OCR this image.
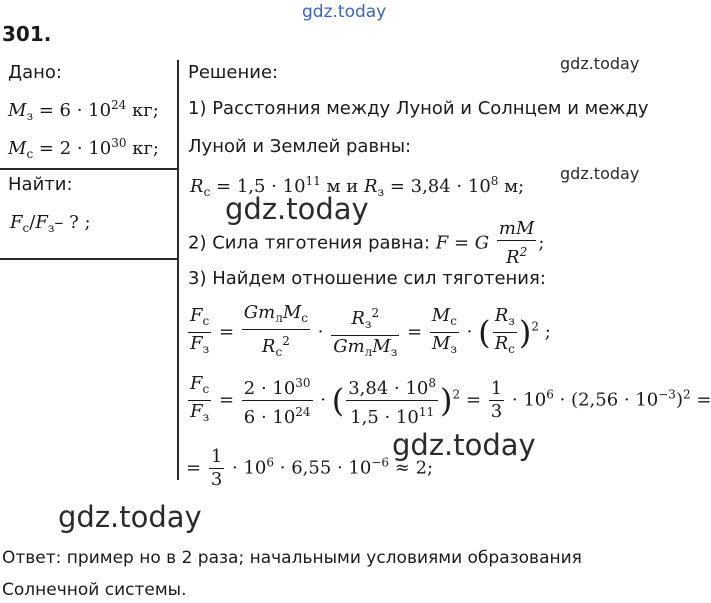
gdz.today
301.
Дано:
$M_з = 6 \cdot 10^{24}$ кг;
$M_с = 2 \cdot 10^{30}$ кг;
Найти:
$F_с/F_з-$ ? ;
Решение:	gdz.today
1) Расстояния между Луной и Солнцем и между
Луной и Землей равны:
$R_с = 1,5 \cdot 10^{11}$ м и $R_з = 3,84 \cdot 10^8$ м;
gdz.today
gdz.today
2) Сила тяготения равна: F = G $\frac{mM}{R^2}$ ;
3) Найдем отношение сил тяготения:
$\frac{F_с}{F_з} = \frac{Gm_лM_с}{R_с^2} \cdot \frac{R_з^2}{Gm_лM_з} = \frac{M_с}{M_з}$ · ( $\frac{R_з}{R_с} )^2$ ;
$\frac{F_с}{F_з} = \frac{2 \cdot 10^{30}}{6 \cdot 10^{24}}$ · ( $\frac{3,84 \cdot 10^8}{1,5 \cdot 10^{11}} )^2 = \frac{1}{3} \cdot 10^6 \cdot (2,56 \cdot 10^{-3})^2$ =
gdz.today
= $\frac{1}{3} \cdot 10^6 \cdot 6,55 \cdot 10^{-6} \approx 2$;
gdz.today
Ответ: пример но в 2 раза; начальными условиями образования
Солнечной системы.
